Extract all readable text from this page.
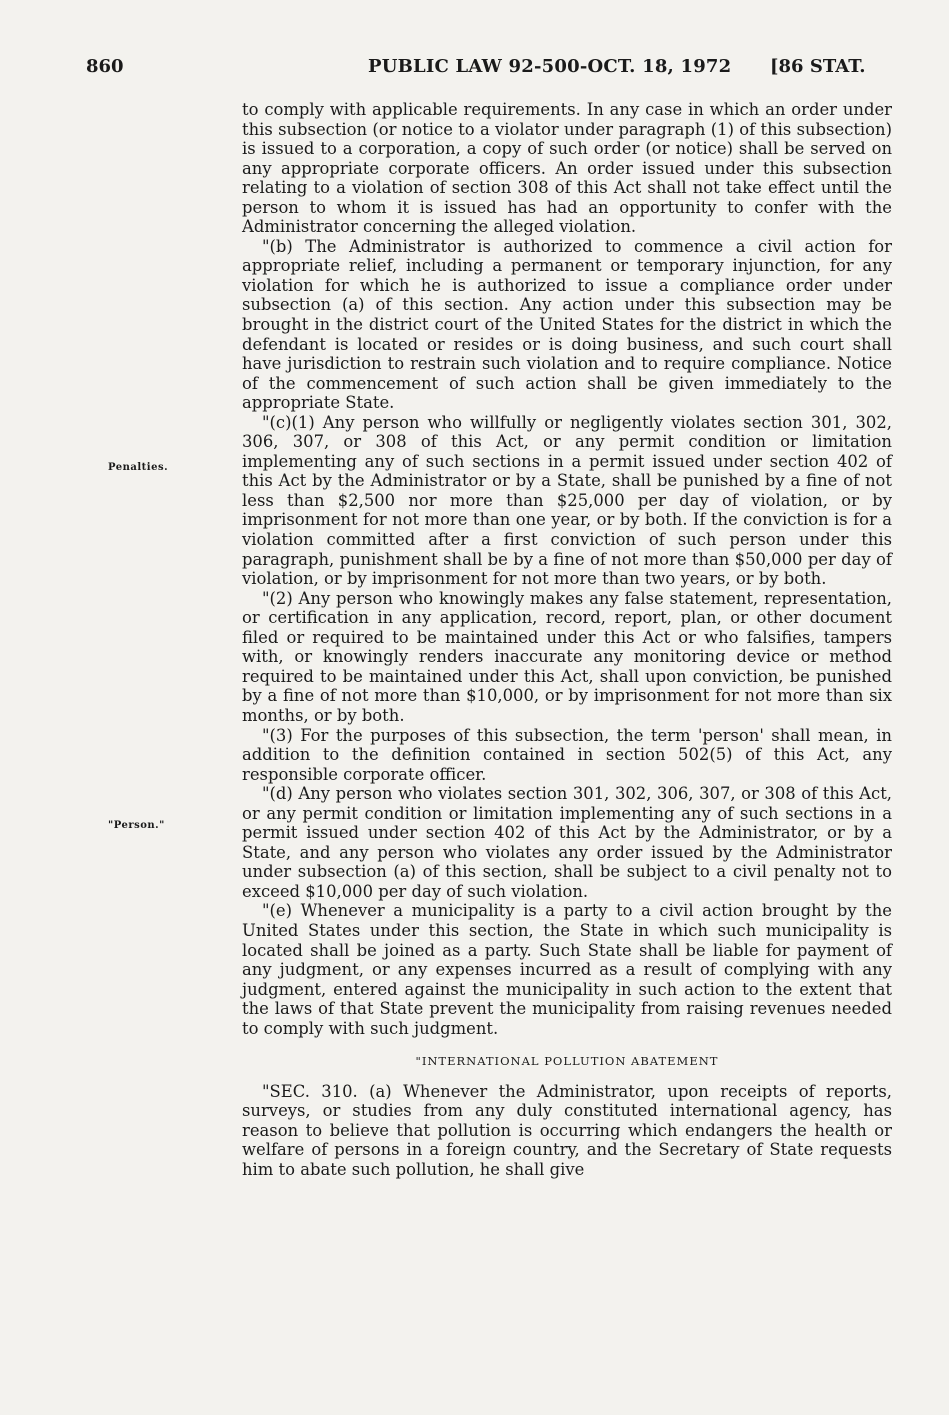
860	PUBLIC LAW 92-500-OCT. 18, 1972 [86 STAT.
Penalties.
"Person."

to comply with applicable requirements. In any case in which an order under this subsection (or notice to a violator under paragraph (1) of this subsection) is issued to a corporation, a copy of such order (or notice) shall be served on any appropriate corporate officers. An order issued under this subsection relating to a violation of section 308 of this Act shall not take effect until the person to whom it is issued has had an opportunity to confer with the Administrator concerning the alleged violation.

"(b) The Administrator is authorized to commence a civil action for appropriate relief, including a permanent or temporary injunction, for any violation for which he is authorized to issue a compliance order under subsection (a) of this section. Any action under this subsection may be brought in the district court of the United States for the district in which the defendant is located or resides or is doing business, and such court shall have jurisdiction to restrain such violation and to require compliance. Notice of the commencement of such action shall be given immediately to the appropriate State.

"(c)(1) Any person who willfully or negligently violates section 301, 302, 306, 307, or 308 of this Act, or any permit condition or limitation implementing any of such sections in a permit issued under section 402 of this Act by the Administrator or by a State, shall be punished by a fine of not less than $2,500 nor more than $25,000 per day of violation, or by imprisonment for not more than one year, or by both. If the conviction is for a violation committed after a first conviction of such person under this paragraph, punishment shall be by a fine of not more than $50,000 per day of violation, or by imprisonment for not more than two years, or by both.

"(2) Any person who knowingly makes any false statement, representation, or certification in any application, record, report, plan, or other document filed or required to be maintained under this Act or who falsifies, tampers with, or knowingly renders inaccurate any monitoring device or method required to be maintained under this Act, shall upon conviction, be punished by a fine of not more than $10,000, or by imprisonment for not more than six months, or by both.

"(3) For the purposes of this subsection, the term 'person' shall mean, in addition to the definition contained in section 502(5) of this Act, any responsible corporate officer.

"(d) Any person who violates section 301, 302, 306, 307, or 308 of this Act, or any permit condition or limitation implementing any of such sections in a permit issued under section 402 of this Act by the Administrator, or by a State, and any person who violates any order issued by the Administrator under subsection (a) of this section, shall be subject to a civil penalty not to exceed $10,000 per day of such violation.

"(e) Whenever a municipality is a party to a civil action brought by the United States under this section, the State in which such municipality is located shall be joined as a party. Such State shall be liable for payment of any judgment, or any expenses incurred as a result of complying with any judgment, entered against the municipality in such action to the extent that the laws of that State prevent the municipality from raising revenues needed to comply with such judgment.

"INTERNATIONAL POLLUTION ABATEMENT

"SEC. 310. (a) Whenever the Administrator, upon receipts of reports, surveys, or studies from any duly constituted international agency, has reason to believe that pollution is occurring which endangers the health or welfare of persons in a foreign country, and the Secretary of State requests him to abate such pollution, he shall give
